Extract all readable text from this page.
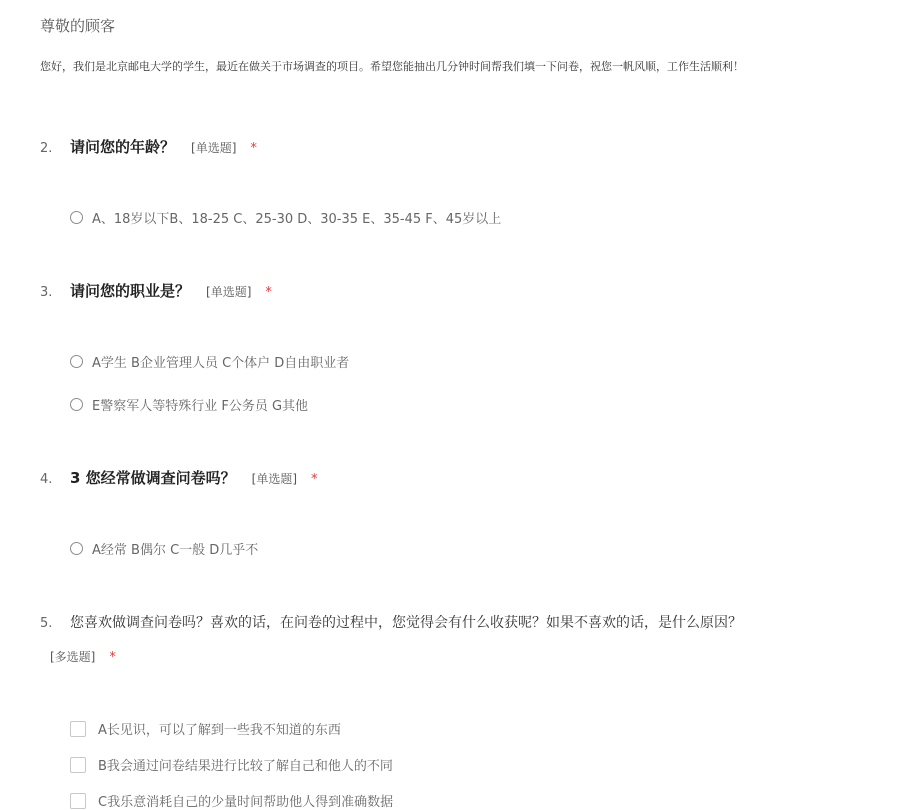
尊敬的顾客
您好，我们是北京邮电大学的学生，最近在做关于市场调查的项目。希望您能抽出几分钟时间帮我们填一下问卷，祝您一帆风顺，工作生活顺利！
2.	请问您的年龄？ [单选题] *
A、18岁以下B、18-25 C、25-30 D、30-35 E、35-45 F、45岁以上
3.	请问您的职业是？ [单选题] *
A学生 B企业管理人员 C个体户 D自由职业者
E警察军人等特殊行业 F公务员 G其他
4.	3 您经常做调查问卷吗？ [单选题] *
A经常 B偶尔 C一般 D几乎不
5.	您喜欢做调查问卷吗？喜欢的话，在问卷的过程中，您觉得会有什么收获呢？如果不喜欢的话，是什么原因？
[多选题] *
A长见识，可以了解到一些我不知道的东西
B我会通过问卷结果进行比较了解自己和他人的不同
C我乐意消耗自己的少量时间帮助他人得到准确数据
